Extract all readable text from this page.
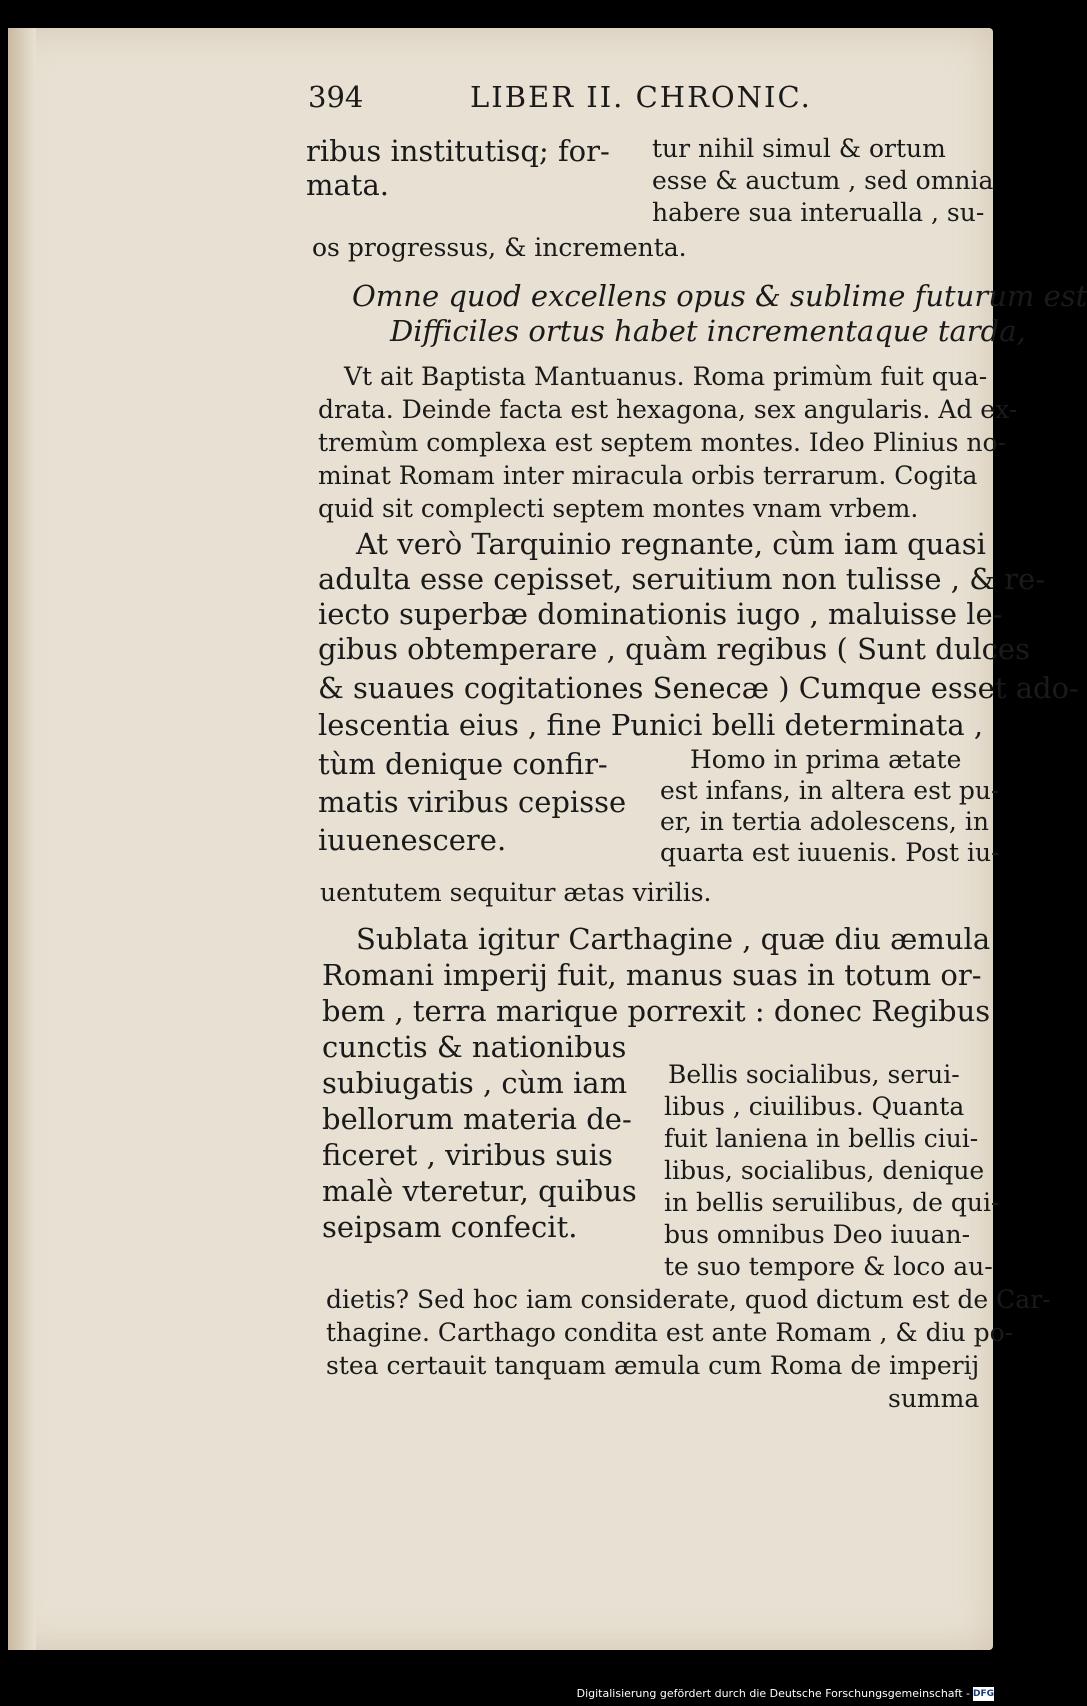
394	LIBER II. CHRONIC.
ribus institutisq; for-
mata.
tur nihil simul & ortum
esse & auctum , sed omnia
habere sua interualla , su-
os progressus, & incrementa.
Omne quod excellens opus & sublime futurum est
Difficiles ortus habet incrementaque tarda,
Vt ait Baptista Mantuanus. Roma primùm fuit qua-
drata. Deinde facta est hexagona, sex angularis. Ad ex-
tremùm complexa est septem montes. Ideo Plinius no-
minat Romam inter miracula orbis terrarum. Cogita
quid sit complecti septem montes vnam vrbem.
At verò Tarquinio regnante, cùm iam quasi
adulta esse cepisset, seruitium non tulisse , & re-
iecto superbæ dominationis iugo , maluisse le-
gibus obtemperare , quàm regibus ( Sunt dulces
& suaues cogitationes Senecæ ) Cumque esset ado-
lescentia eius , fine Punici belli determinata ,
tùm denique confir-
matis viribus cepisse
iuuenescere.
Homo in prima ætate
est infans, in altera est pu-
er, in tertia adolescens, in
quarta est iuuenis. Post iu-
uentutem sequitur ætas virilis.
Sublata igitur Carthagine , quæ diu æmula
Romani imperij fuit, manus suas in totum or-
bem , terra marique porrexit : donec Regibus
cunctis & nationibus
subiugatis , cùm iam
bellorum materia de-
ficeret , viribus suis
malè vteretur, quibus
seipsam confecit.
Bellis socialibus, serui-
libus , ciuilibus. Quanta
fuit laniena in bellis ciui-
libus, socialibus, denique
in bellis seruilibus, de qui-
bus omnibus Deo iuuan-
te suo tempore & loco au-
dietis? Sed hoc iam considerate, quod dictum est de Car-
thagine. Carthago condita est ante Romam , & diu po-
stea certauit tanquam æmula cum Roma de imperij
summa
Digitalisierung gefördert durch die Deutsche Forschungsgemeinschaft - DFG
